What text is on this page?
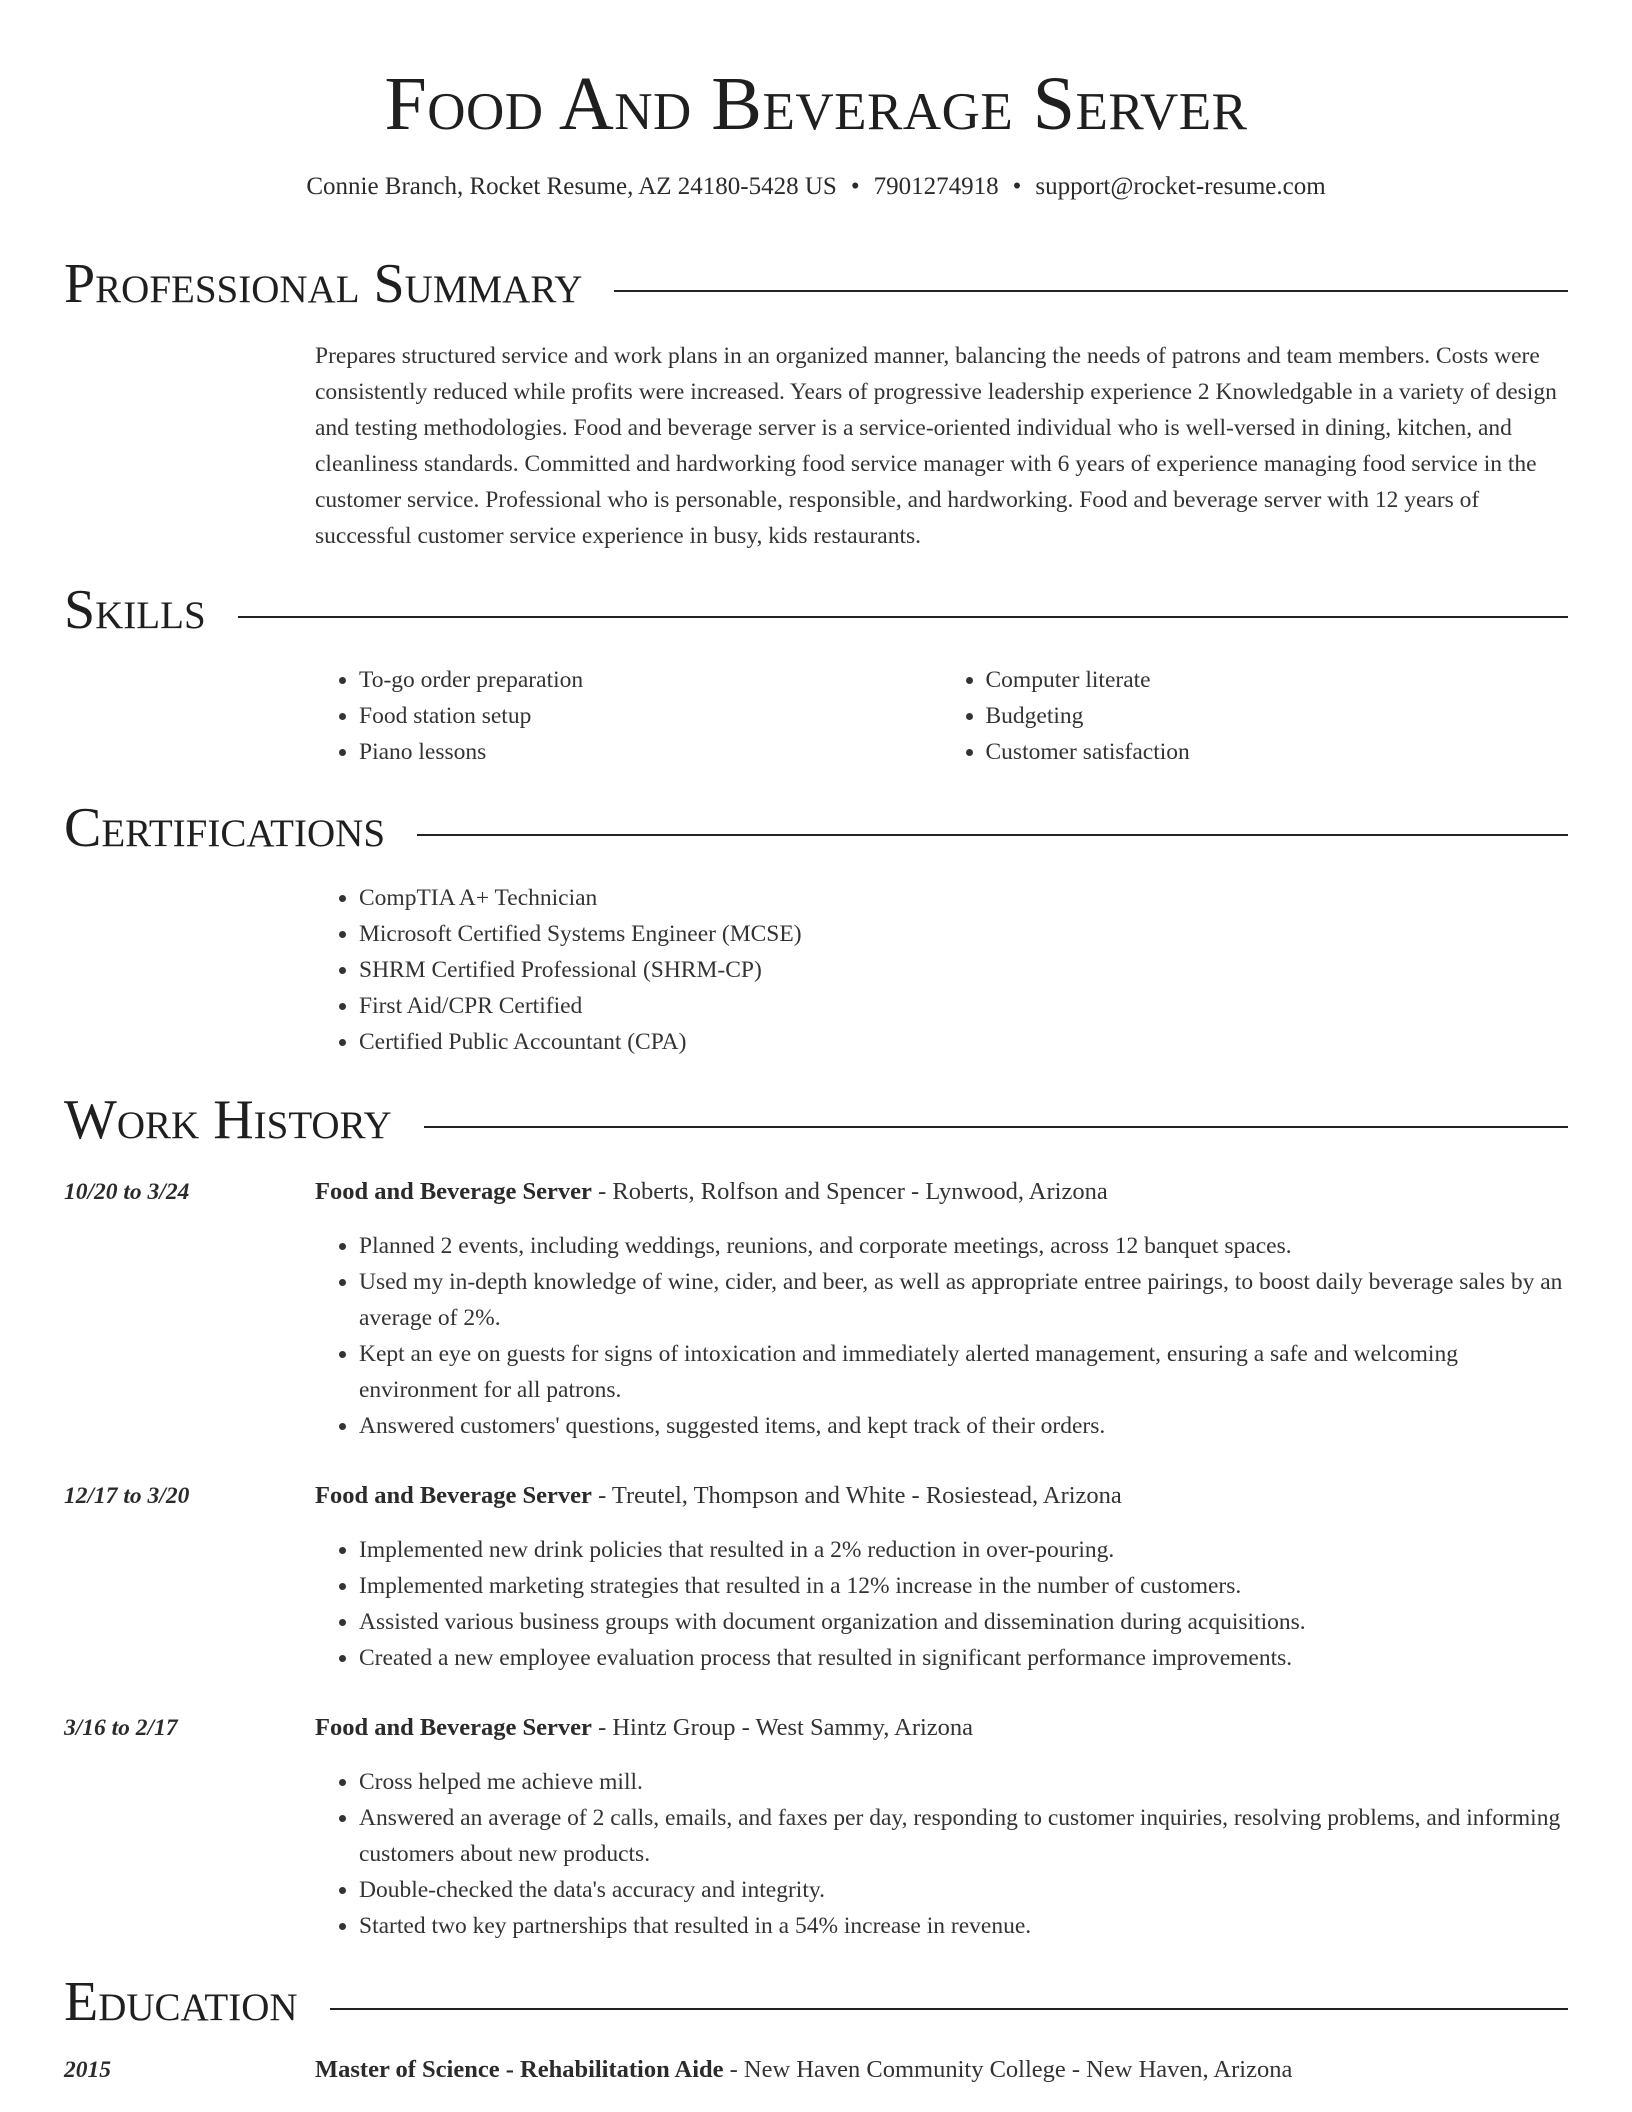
Food And Beverage Server
Connie Branch, Rocket Resume, AZ 24180-5428 US • 7901274918 • support@rocket-resume.com
Professional Summary
Prepares structured service and work plans in an organized manner, balancing the needs of patrons and team members. Costs were consistently reduced while profits were increased. Years of progressive leadership experience 2 Knowledgable in a variety of design and testing methodologies. Food and beverage server is a service-oriented individual who is well-versed in dining, kitchen, and cleanliness standards. Committed and hardworking food service manager with 6 years of experience managing food service in the customer service. Professional who is personable, responsible, and hardworking. Food and beverage server with 12 years of successful customer service experience in busy, kids restaurants.
Skills
• To-go order preparation
• Food station setup
• Piano lessons
• Computer literate
• Budgeting
• Customer satisfaction
Certifications
• CompTIA A+ Technician
• Microsoft Certified Systems Engineer (MCSE)
• SHRM Certified Professional (SHRM-CP)
• First Aid/CPR Certified
• Certified Public Accountant (CPA)
Work History
10/20 to 3/24	Food and Beverage Server - Roberts, Rolfson and Spencer - Lynwood, Arizona
• Planned 2 events, including weddings, reunions, and corporate meetings, across 12 banquet spaces.
• Used my in-depth knowledge of wine, cider, and beer, as well as appropriate entree pairings, to boost daily beverage sales by an average of 2%.
• Kept an eye on guests for signs of intoxication and immediately alerted management, ensuring a safe and welcoming environment for all patrons.
• Answered customers' questions, suggested items, and kept track of their orders.
12/17 to 3/20	Food and Beverage Server - Treutel, Thompson and White - Rosiestead, Arizona
• Implemented new drink policies that resulted in a 2% reduction in over-pouring.
• Implemented marketing strategies that resulted in a 12% increase in the number of customers.
• Assisted various business groups with document organization and dissemination during acquisitions.
• Created a new employee evaluation process that resulted in significant performance improvements.
3/16 to 2/17	Food and Beverage Server - Hintz Group - West Sammy, Arizona
• Cross helped me achieve mill.
• Answered an average of 2 calls, emails, and faxes per day, responding to customer inquiries, resolving problems, and informing customers about new products.
• Double-checked the data's accuracy and integrity.
• Started two key partnerships that resulted in a 54% increase in revenue.
Education
2015	Master of Science - Rehabilitation Aide - New Haven Community College - New Haven, Arizona
